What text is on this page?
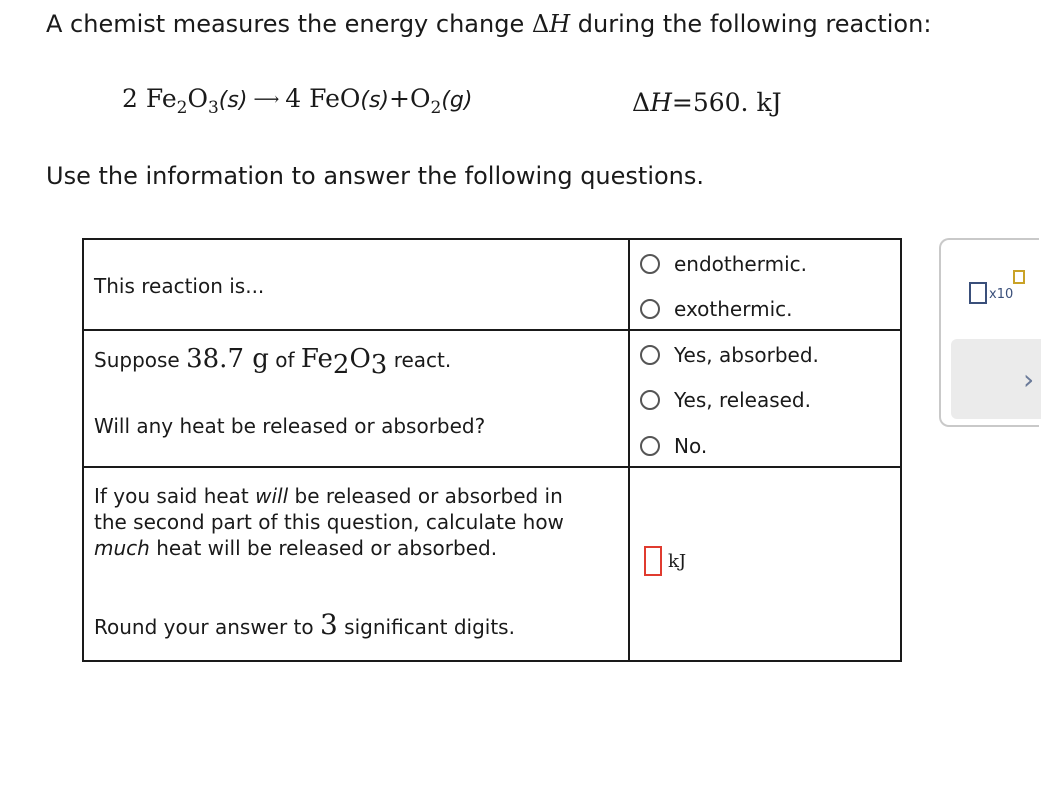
A chemist measures the energy change ΔH during the following reaction:
2 $Fe_2O_3(s)$ ⟶ 4 $FeO(s)+O_2(g)$	ΔH=560. kJ
Use the information to answer the following questions.
This reaction is...
Suppose 38.7 g of $Fe_2O_3$ react.
Will any heat be released or absorbed?
If you said heat will be released or absorbed in
the second part of this question, calculate how
much heat will be released or absorbed.
Round your answer to 3 significant digits.
endothermic.
exothermic.
Yes, absorbed.
Yes, released.
No.
kJ
x10
›
